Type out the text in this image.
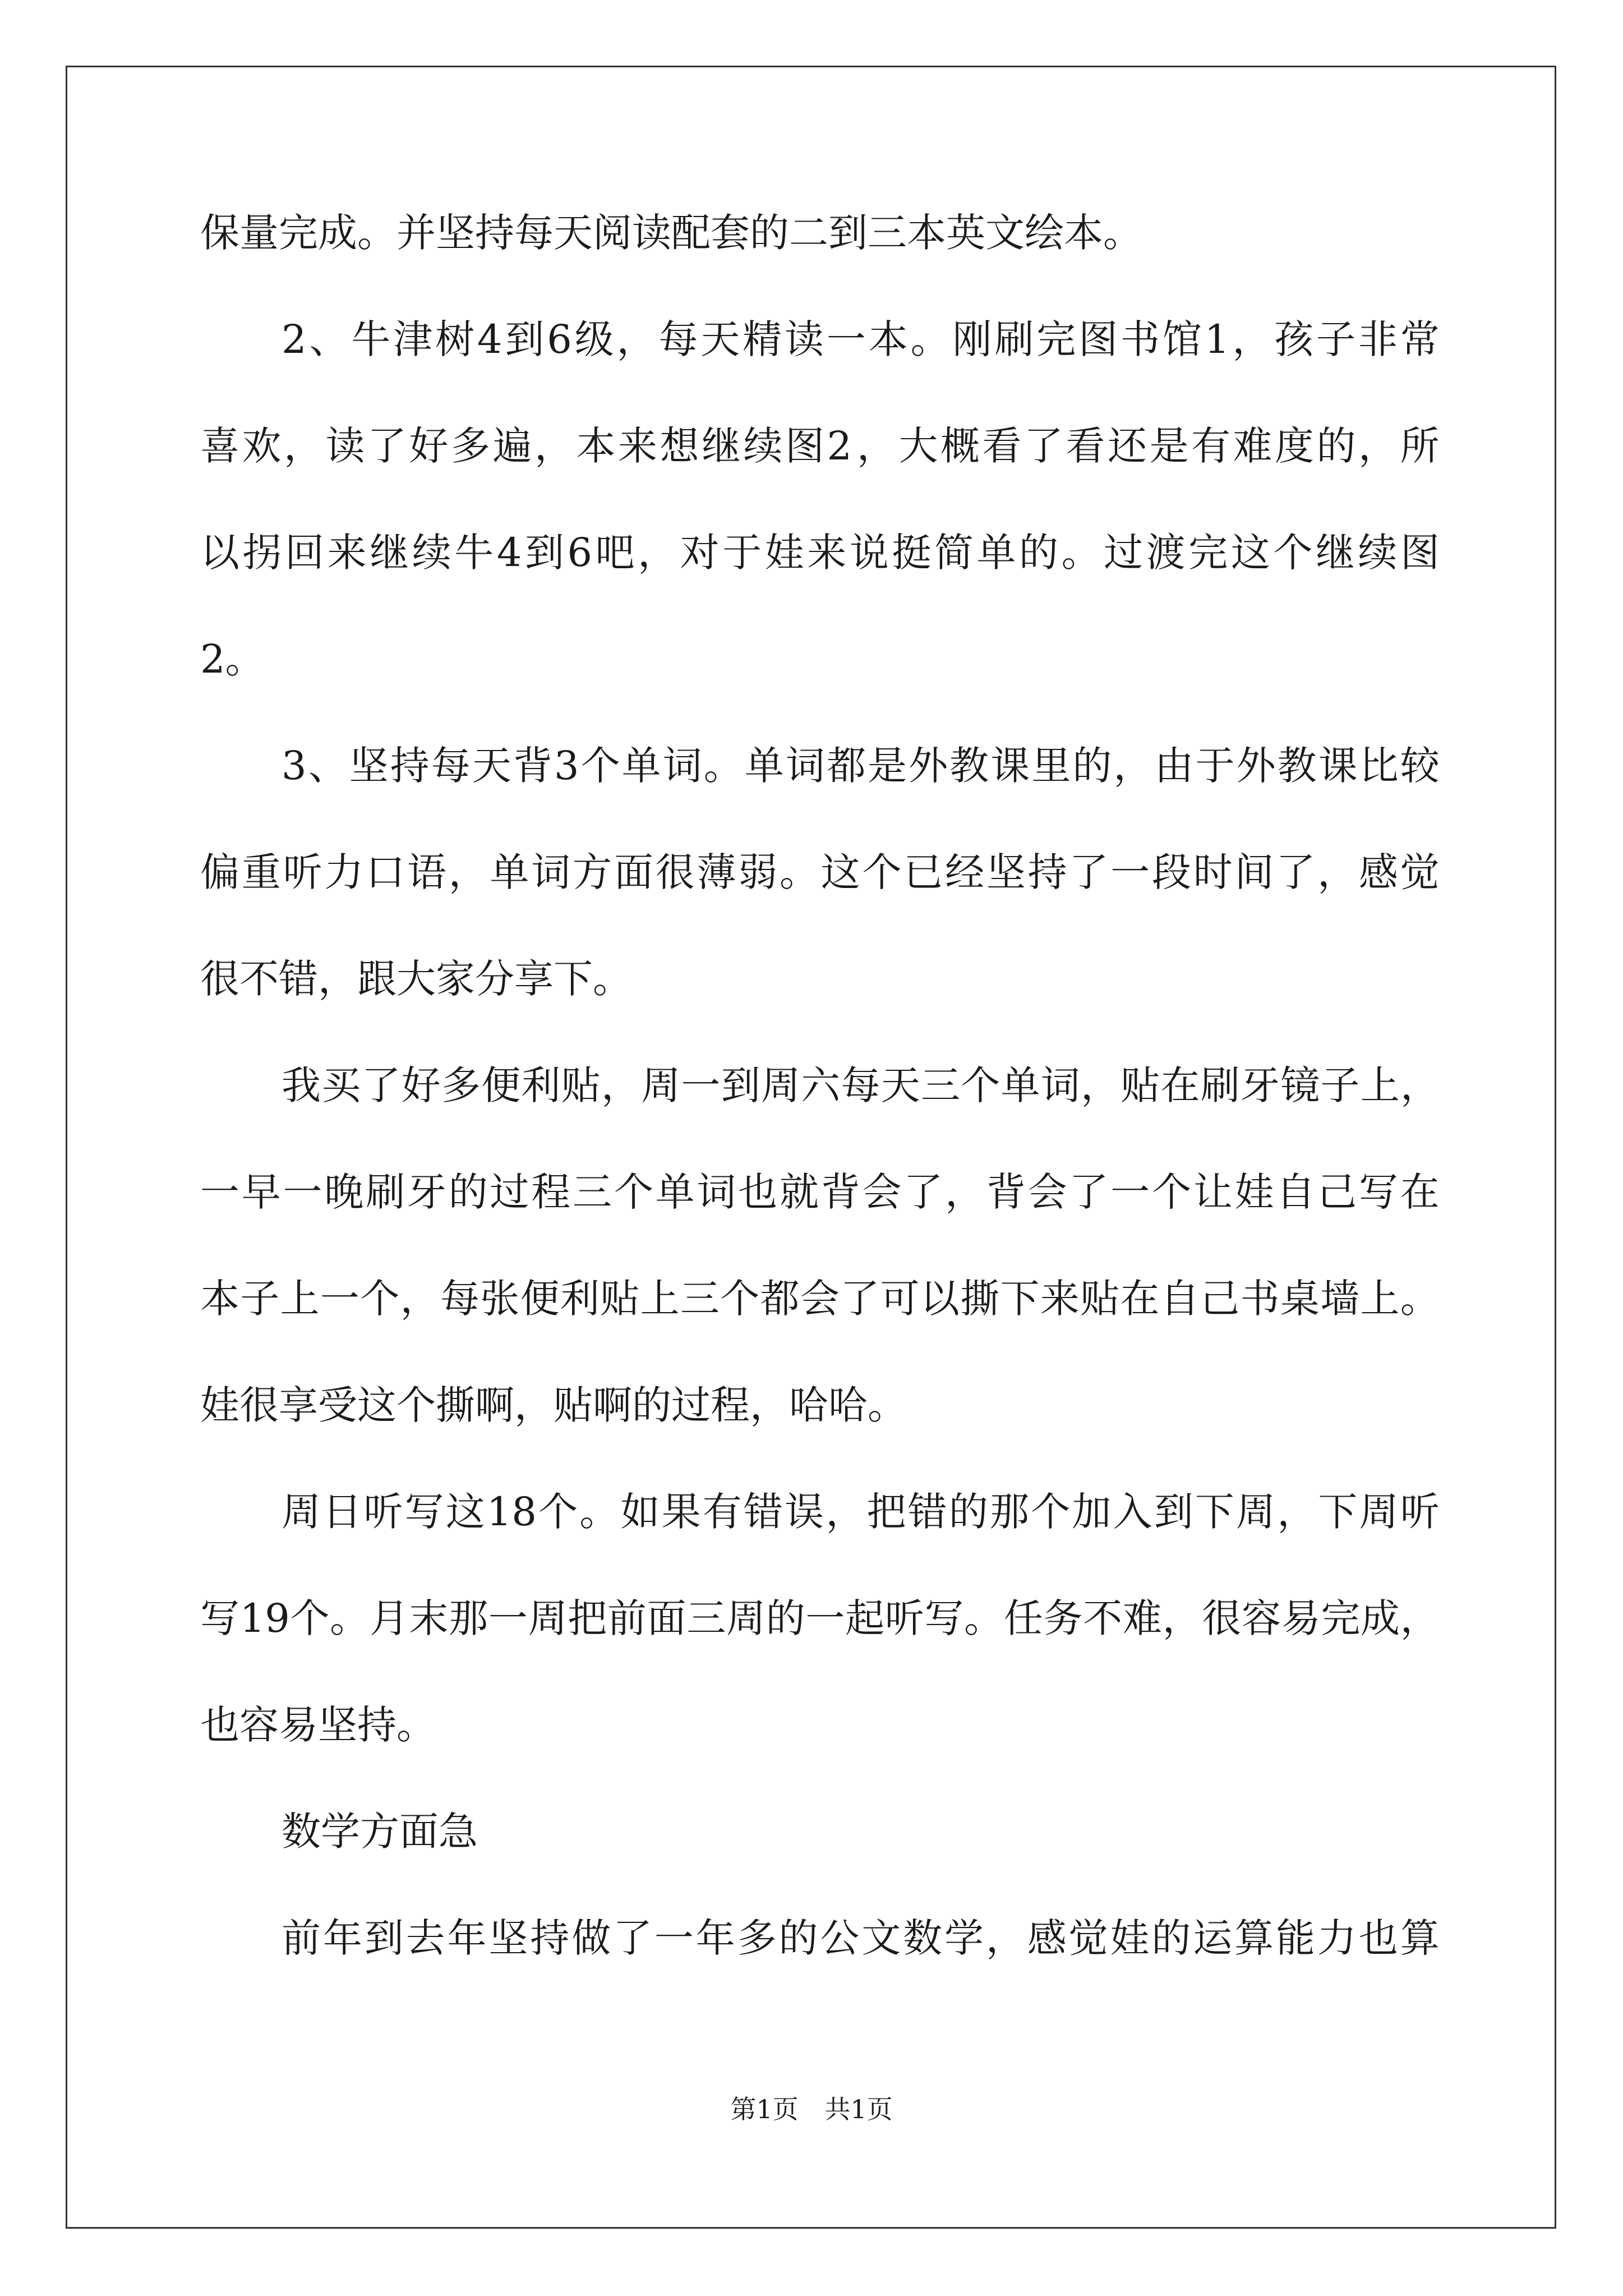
保量完成。并坚持每天阅读配套的二到三本英文绘本。
2 、 牛 津 树 4 到 6 级 ， 每 天 精 读 一 本 。 刚 刷 完 图 书 馆 1 ， 孩 子 非 常
喜 欢 ， 读 了 好 多 遍 ， 本 来 想 继 续 图 2 ， 大 概 看 了 看 还 是 有 难 度 的 ， 所
以 拐 回 来 继 续 牛 4 到 6 吧 ， 对 于 娃 来 说 挺 简 单 的 。 过 渡 完 这 个 继 续 图
2。
3 、 坚 持 每 天 背 3 个 单 词 。 单 词 都 是 外 教 课 里 的 ， 由 于 外 教 课 比 较
偏 重 听 力 口 语 ， 单 词 方 面 很 薄 弱 。 这 个 已 经 坚 持 了 一 段 时 间 了 ， 感 觉
很不错，跟大家分享下。
我 买 了 好 多 便 利 贴 ， 周 一 到 周 六 每 天 三 个 单 词 ， 贴 在 刷 牙 镜 子 上 ，
一 早 一 晚 刷 牙 的 过 程 三 个 单 词 也 就 背 会 了 ， 背 会 了 一 个 让 娃 自 己 写 在
本 子 上 一 个 ， 每 张 便 利 贴 上 三 个 都 会 了 可 以 撕 下 来 贴 在 自 己 书 桌 墙 上 。
娃很享受这个撕啊，贴啊的过程，哈哈。
周 日 听 写 这 18 个 。 如 果 有 错 误 ， 把 错 的 那 个 加 入 到 下 周 ， 下 周 听
写 19 个 。 月 末 那 一 周 把 前 面 三 周 的 一 起 听 写 。 任 务 不 难 ， 很 容 易 完 成 ，
也容易坚持。
数学方面急
前 年 到 去 年 坚 持 做 了 一 年 多 的 公 文 数 学 ， 感 觉 娃 的 运 算 能 力 也 算
第1页 共1页
